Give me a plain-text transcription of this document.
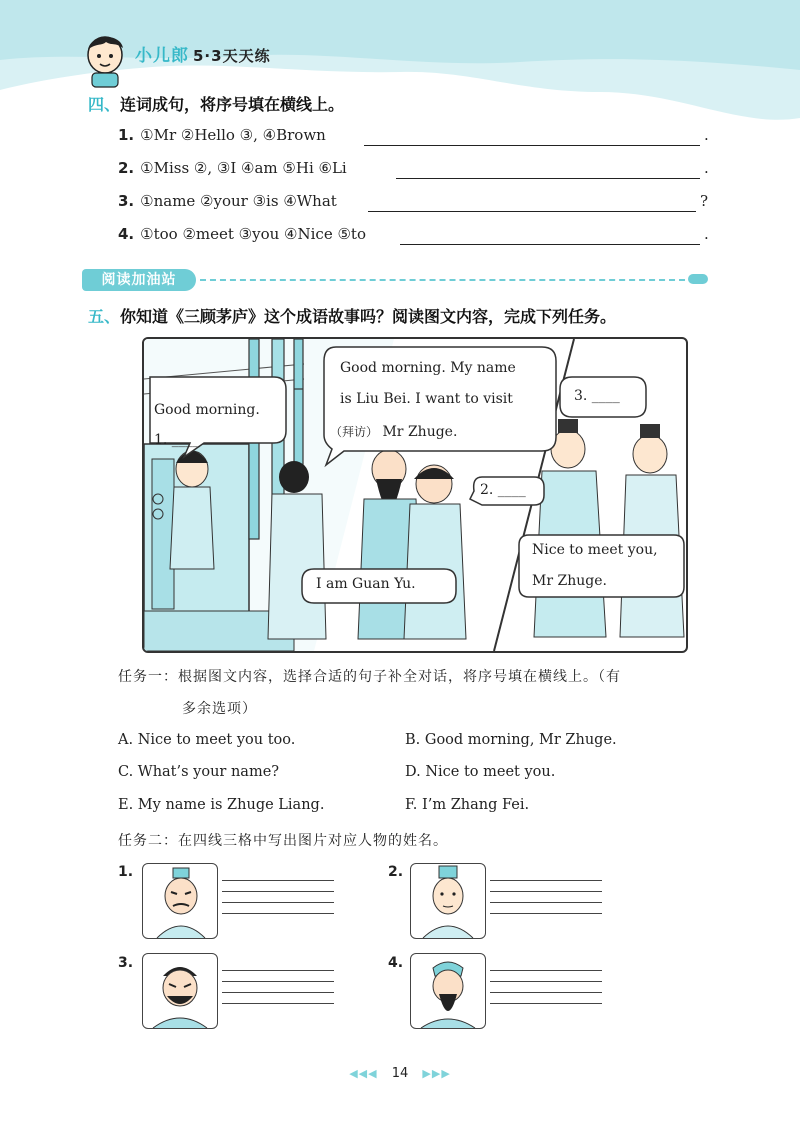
小儿郎 5·3天天练
四、连词成句，将序号填在横线上。
1. ①Mr ②Hello ③, ④Brown	.
2. ①Miss ②, ③I ④am ⑤Hi ⑥Li	.
3. ①name ②your ③is ④What	?
4. ①too ②meet ③you ④Nice ⑤to	.
阅读加油站
五、你知道《三顾茅庐》这个成语故事吗？阅读图文内容，完成下列任务。
Good morning.
1. ____
Good morning. My name
is Liu Bei. I want to visit
（拜访） Mr Zhuge.
3. ____
2. ____
I am Guan Yu.
Nice to meet you,
Mr Zhuge.
任务一：根据图文内容，选择合适的句子补全对话，将序号填在横线上。（有
多余选项）
A. Nice to meet you too.	B. Good morning, Mr Zhuge.
C. What’s your name?	D. Nice to meet you.
E. My name is Zhuge Liang.	F. I’m Zhang Fei.
任务二：在四线三格中写出图片对应人物的姓名。
1.	2.
3.	4.
◀◀◀ 14 ▶▶▶
